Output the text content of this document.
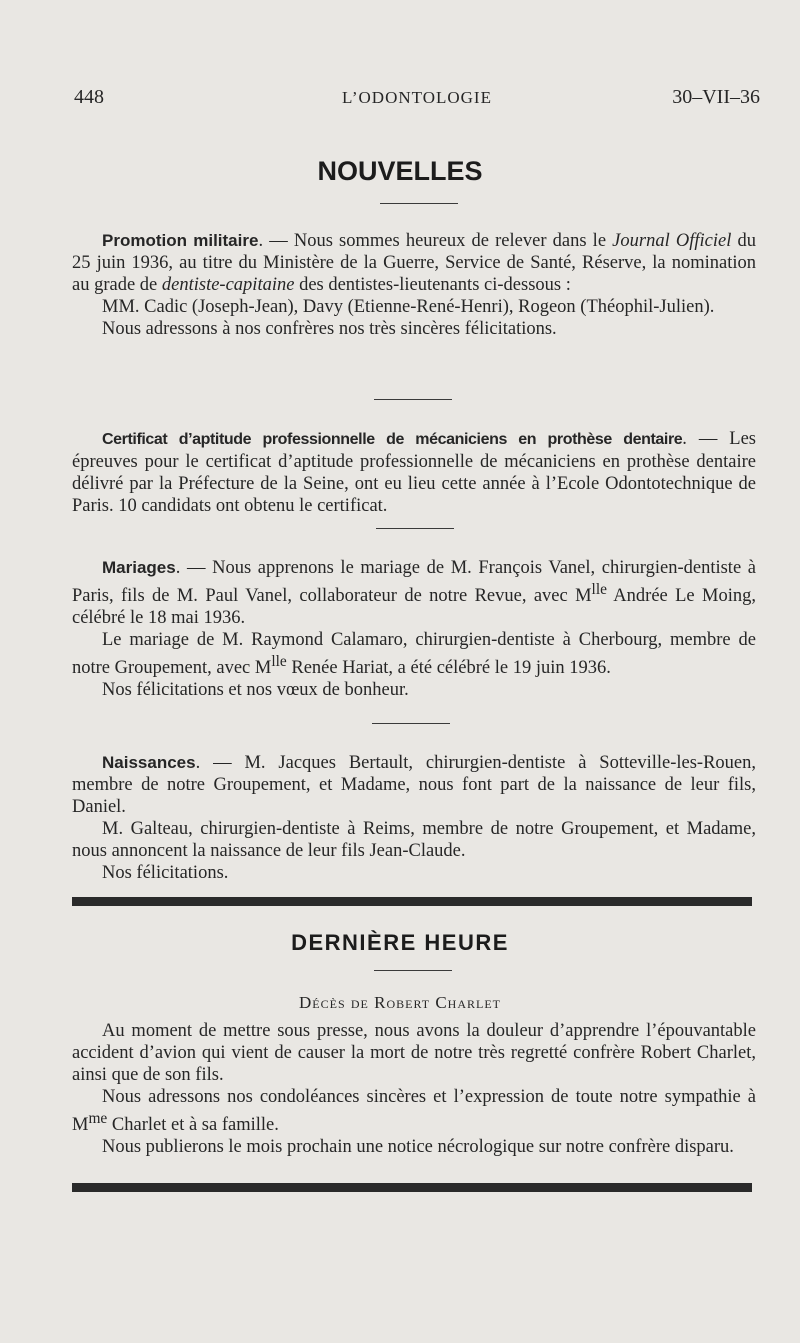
448	L’ODONTOLOGIE	30–VII–36
NOUVELLES

Promotion militaire. — Nous sommes heureux de relever dans le Journal Officiel du 25 juin 1936, au titre du Ministère de la Guerre, Service de Santé, Réserve, la nomination au grade de dentiste-capitaine des dentistes-lieutenants ci-dessous :

MM. Cadic (Joseph-Jean), Davy (Etienne-René-Henri), Rogeon (Théophil-Julien).

Nous adressons à nos confrères nos très sincères félicitations.

Certificat d’aptitude professionnelle de mécaniciens en prothèse dentaire. — Les épreuves pour le certificat d’aptitude professionnelle de mécaniciens en prothèse dentaire délivré par la Préfecture de la Seine, ont eu lieu cette année à l’Ecole Odontotechnique de Paris. 10 candidats ont obtenu le certificat.

Mariages. — Nous apprenons le mariage de M. François Vanel, chirurgien-dentiste à Paris, fils de M. Paul Vanel, collaborateur de notre Revue, avec $M^{lle}$ Andrée Le Moing, célébré le 18 mai 1936.

Le mariage de M. Raymond Calamaro, chirurgien-dentiste à Cherbourg, membre de notre Groupement, avec $M^{lle}$ Renée Hariat, a été célébré le 19 juin 1936.

Nos félicitations et nos vœux de bonheur.

Naissances. — M. Jacques Bertault, chirurgien-dentiste à Sotteville-les-Rouen, membre de notre Groupement, et Madame, nous font part de la naissance de leur fils, Daniel.

M. Galteau, chirurgien-dentiste à Reims, membre de notre Groupement, et Madame, nous annoncent la naissance de leur fils Jean-Claude.

Nos félicitations.

DERNIÈRE HEURE
Décès de Robert Charlet

Au moment de mettre sous presse, nous avons la douleur d’apprendre l’épouvantable accident d’avion qui vient de causer la mort de notre très regretté confrère Robert Charlet, ainsi que de son fils.

Nous adressons nos condoléances sincères et l’expression de toute notre sympathie à $M^{me}$ Charlet et à sa famille.

Nous publierons le mois prochain une notice nécrologique sur notre confrère disparu.
